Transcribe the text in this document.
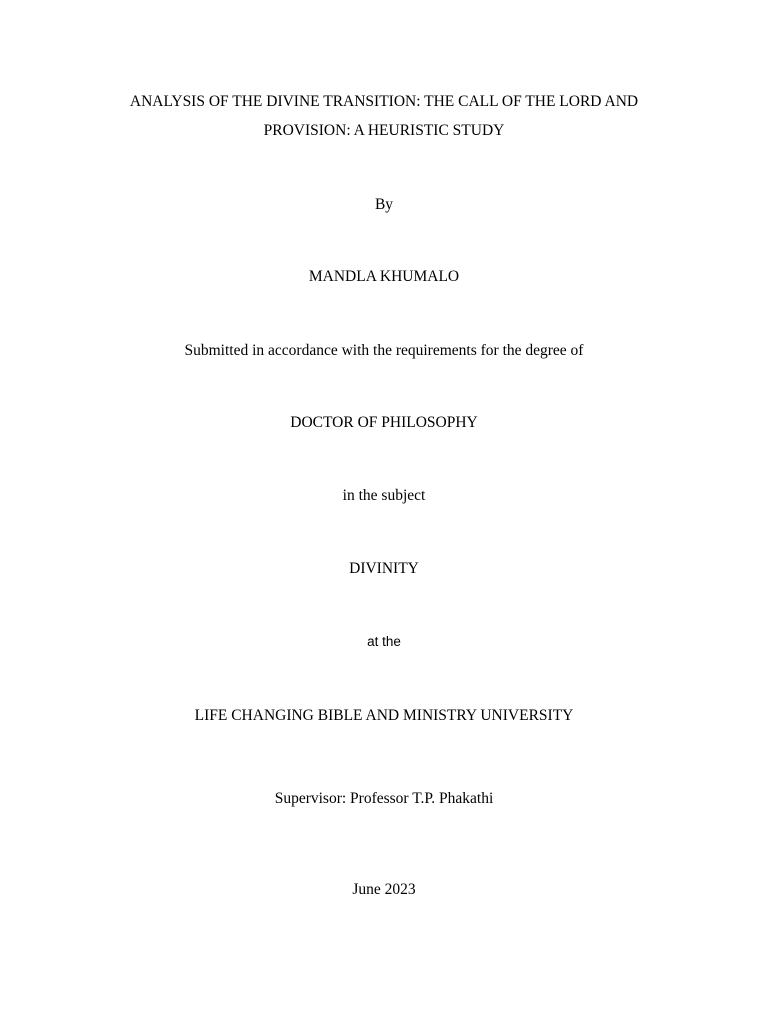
ANALYSIS OF THE DIVINE TRANSITION: THE CALL OF THE LORD AND
PROVISION: A HEURISTIC STUDY
By
MANDLA KHUMALO
Submitted in accordance with the requirements for the degree of
DOCTOR OF PHILOSOPHY
in the subject
DIVINITY
at the
LIFE CHANGING BIBLE AND MINISTRY UNIVERSITY
Supervisor: Professor T.P. Phakathi
June 2023
